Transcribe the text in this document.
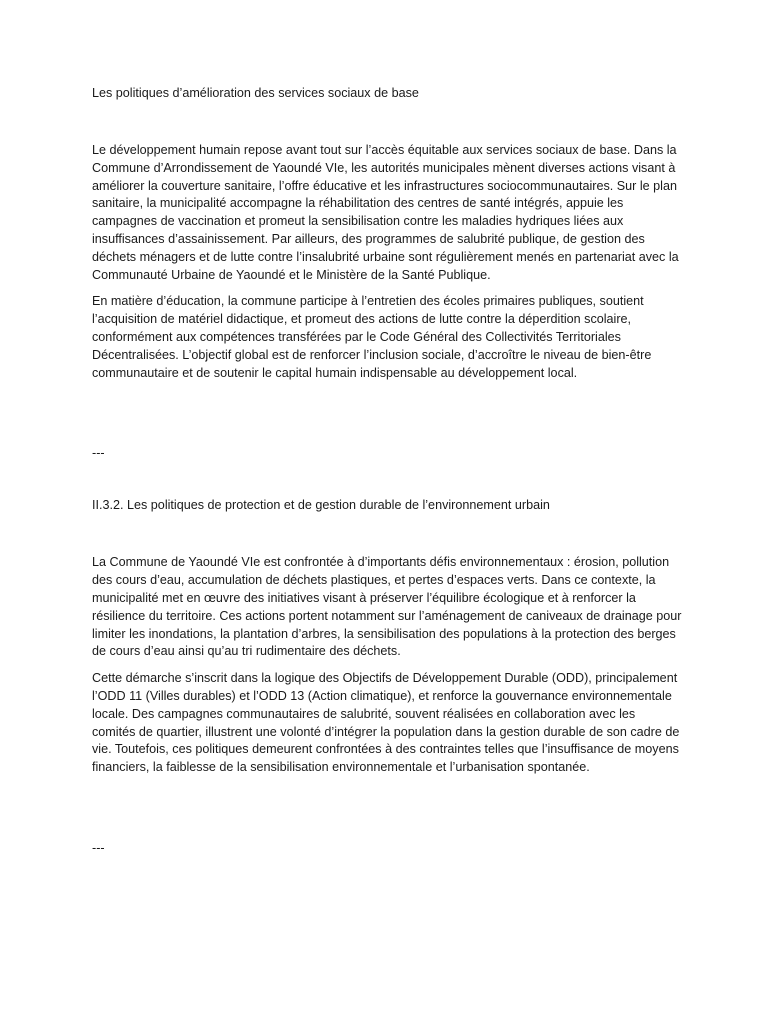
Les politiques d’amélioration des services sociaux de base

Le développement humain repose avant tout sur l’accès équitable aux services sociaux de base. Dans la Commune d’Arrondissement de Yaoundé VIe, les autorités municipales mènent diverses actions visant à améliorer la couverture sanitaire, l’offre éducative et les infrastructures sociocommunautaires. Sur le plan sanitaire, la municipalité accompagne la réhabilitation des centres de santé intégrés, appuie les campagnes de vaccination et promeut la sensibilisation contre les maladies hydriques liées aux insuffisances d’assainissement. Par ailleurs, des programmes de salubrité publique, de gestion des déchets ménagers et de lutte contre l’insalubrité urbaine sont régulièrement menés en partenariat avec la Communauté Urbaine de Yaoundé et le Ministère de la Santé Publique.

En matière d’éducation, la commune participe à l’entretien des écoles primaires publiques, soutient l’acquisition de matériel didactique, et promeut des actions de lutte contre la déperdition scolaire, conformément aux compétences transférées par le Code Général des Collectivités Territoriales Décentralisées. L’objectif global est de renforcer l’inclusion sociale, d’accroître le niveau de bien-être communautaire et de soutenir le capital humain indispensable au développement local.

---

II.3.2. Les politiques de protection et de gestion durable de l’environnement urbain

La Commune de Yaoundé VIe est confrontée à d’importants défis environnementaux : érosion, pollution des cours d’eau, accumulation de déchets plastiques, et pertes d’espaces verts. Dans ce contexte, la municipalité met en œuvre des initiatives visant à préserver l’équilibre écologique et à renforcer la résilience du territoire. Ces actions portent notamment sur l’aménagement de caniveaux de drainage pour limiter les inondations, la plantation d’arbres, la sensibilisation des populations à la protection des berges de cours d’eau ainsi qu’au tri rudimentaire des déchets.

Cette démarche s’inscrit dans la logique des Objectifs de Développement Durable (ODD), principalement l’ODD 11 (Villes durables) et l’ODD 13 (Action climatique), et renforce la gouvernance environnementale locale. Des campagnes communautaires de salubrité, souvent réalisées en collaboration avec les comités de quartier, illustrent une volonté d’intégrer la population dans la gestion durable de son cadre de vie. Toutefois, ces politiques demeurent confrontées à des contraintes telles que l’insuffisance de moyens financiers, la faiblesse de la sensibilisation environnementale et l’urbanisation spontanée.

---
